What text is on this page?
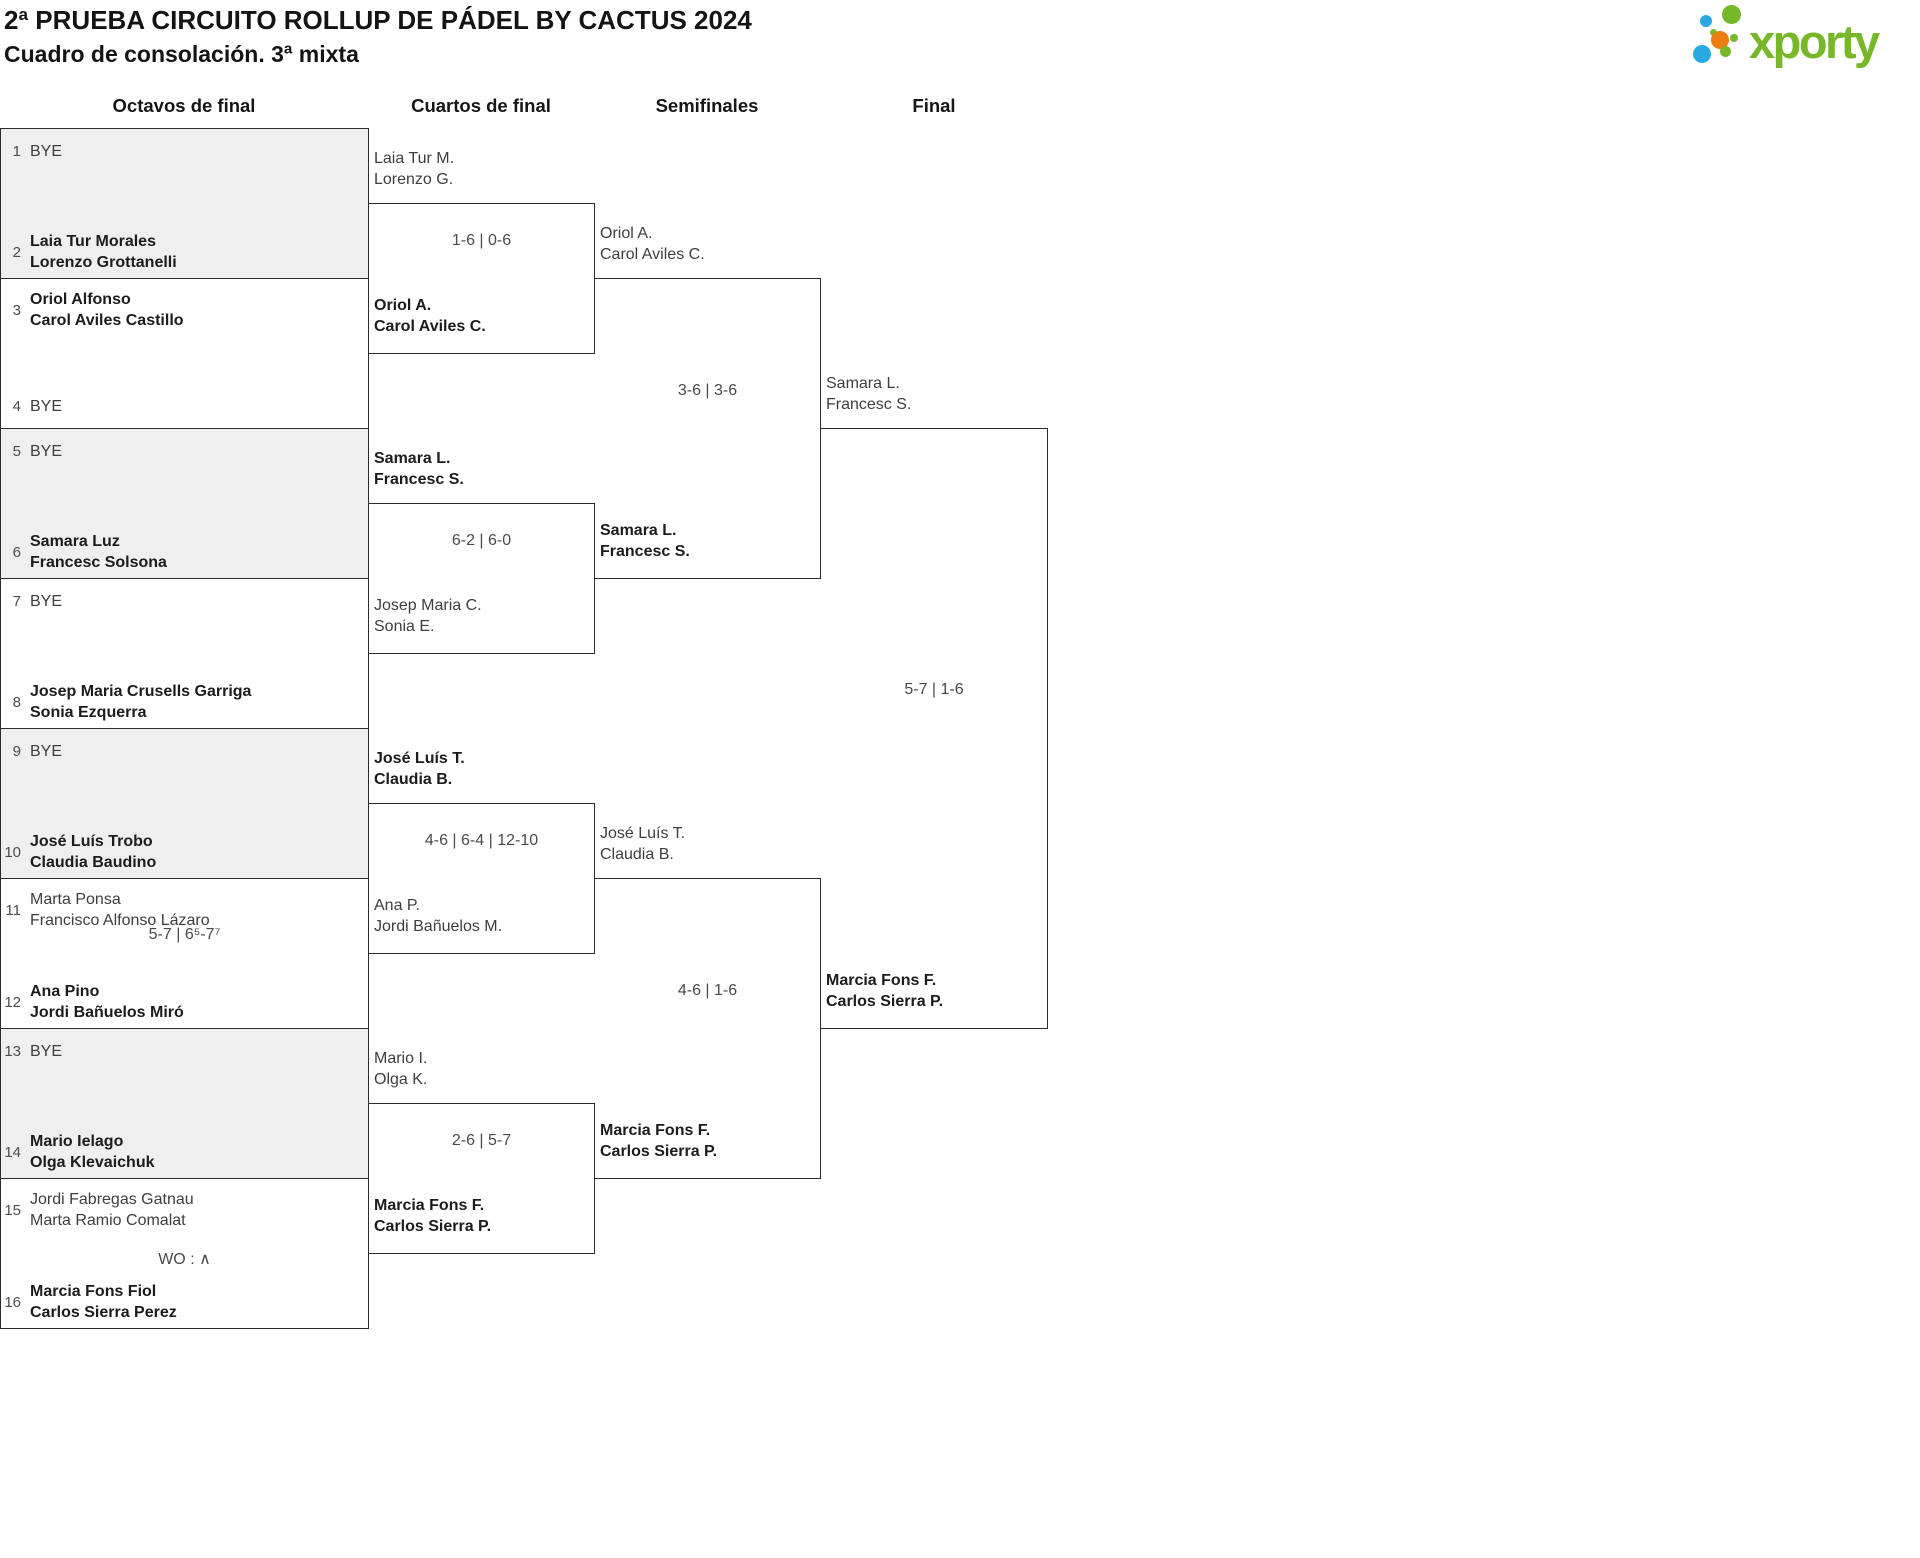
2ª PRUEBA CIRCUITO ROLLUP DE PÁDEL BY CACTUS 2024
Cuadro de consolación. 3ª mixta	xporty
Octavos de final	Cuartos de final	Semifinales	Final
1 BYE
2
Laia Tur Morales
Lorenzo Grottanelli
3
Oriol Alfonso
Carol Aviles Castillo
4 BYE
5 BYE
6
Samara Luz
Francesc Solsona
7 BYE
8
Josep Maria Crusells Garriga
Sonia Ezquerra
9 BYE
10
José Luís Trobo
Claudia Baudino
11
Marta Ponsa
Francisco Alfonso Lázaro
12
Ana Pino
Jordi Bañuelos Miró
13 BYE
14
Mario Ielago
Olga Klevaichuk
15
Jordi Fabregas Gatnau
Marta Ramio Comalat
16
Marcia Fons Fiol
Carlos Sierra Perez
5-7 | 6⁵-7⁷
WO : ∧
Laia Tur M.
Lorenzo G.
1-6 | 0-6
Oriol A.
Carol Aviles C.
Samara L.
Francesc S.
6-2 | 6-0
Josep Maria C.
Sonia E.
José Luís T.
Claudia B.
4-6 | 6-4 | 12-10
Ana P.
Jordi Bañuelos M.
Mario I.
Olga K.
2-6 | 5-7
Marcia Fons F.
Carlos Sierra P.
Oriol A.
Carol Aviles C.
3-6 | 3-6
Samara L.
Francesc S.
José Luís T.
Claudia B.
4-6 | 1-6
Marcia Fons F.
Carlos Sierra P.
Samara L.
Francesc S.
5-7 | 1-6
Marcia Fons F.
Carlos Sierra P.
